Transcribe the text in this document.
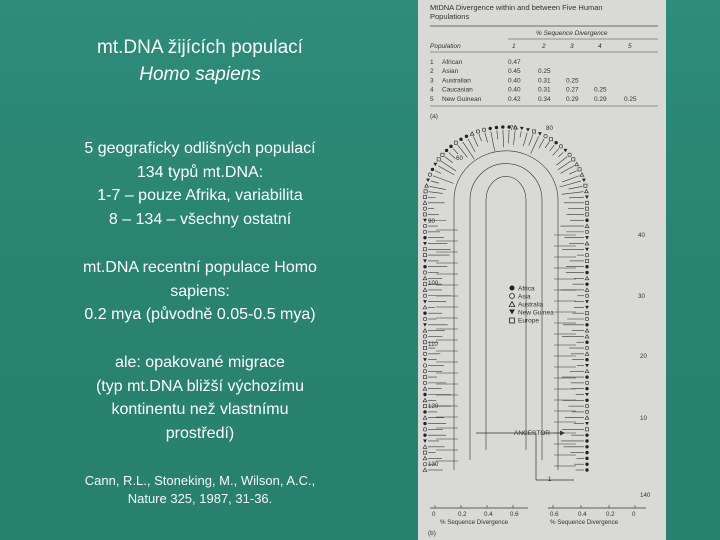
mt.DNA žijících populací
Homo sapiens
5 geograficky odlišných populací
134 typů mt.DNA:
1-7 – pouze Afrika, variabilita
8 – 134 – všechny ostatní
mt.DNA recentní populace Homo
sapiens:
0.2 mya (původně 0.05-0.5 mya)
ale: opakované migrace
(typ mt.DNA bližší výchozímu
kontinentu než vlastnímu
prostředí)
Cann, R.L., Stoneking, M., Wilson, A.C.,
Nature 325, 1987, 31-36.
MtDNA Divergence within and between Five Human
Populations
% Sequence Divergence
Population	1	2	3	4	5
1 African	0.47
2 Asian	0.45	0.25
3 Australian	0.40	0.31 0.25
4 Caucasian	0.40	0.31 0.27 0.25
5 New Guinean	0.42	0.34 0.29 0.29	0.25
(a)
70	80
60
90
40
100
30
110
20
120
10
130
1
140
Africa
Asia
Australia
New Guinea
Europe
ANCESTOR
0	0.2	0.4	0.6	0.6	0.4	0.2	0
% Sequence Divergence	% Sequence Divergence
(b)
